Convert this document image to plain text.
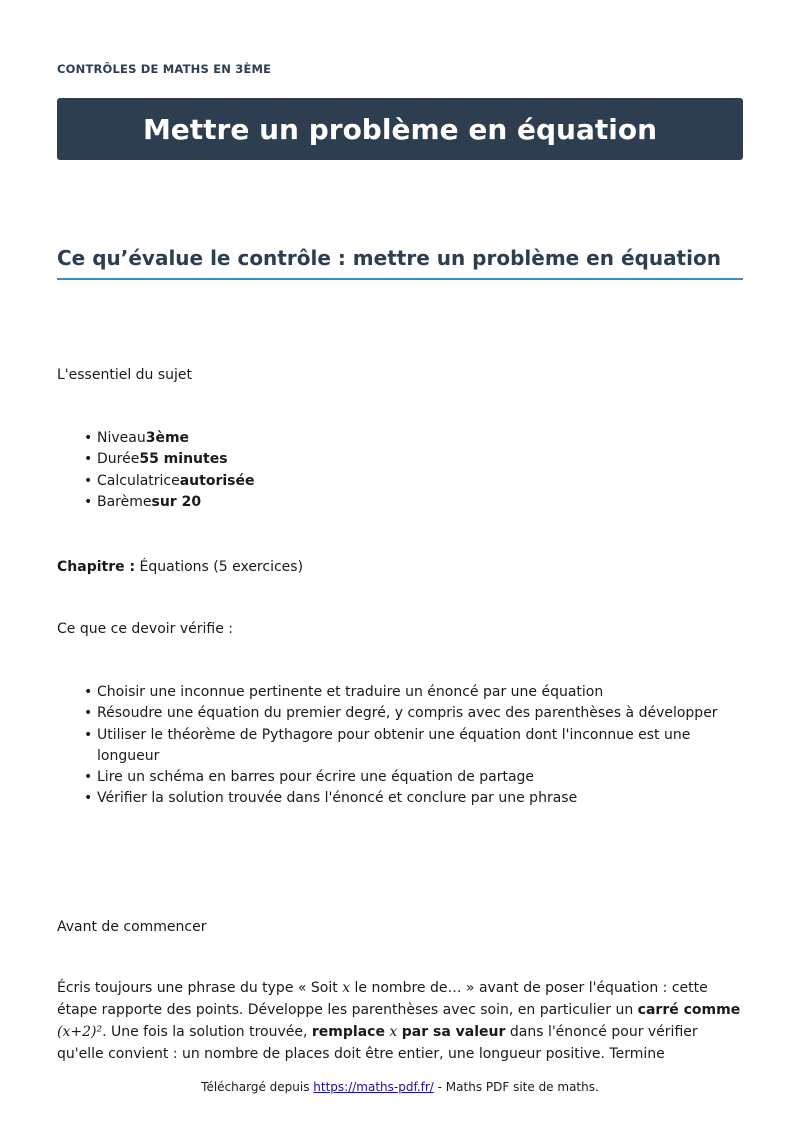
CONTRÔLES DE MATHS EN 3ÈME
Mettre un problème en équation
Ce qu’évalue le contrôle : mettre un problème en équation
L'essentiel du sujet
• Niveau3ème
• Durée55 minutes
• Calculatriceautorisée
• Barèmesur 20
Chapitre : Équations (5 exercices)
Ce que ce devoir vérifie :
• Choisir une inconnue pertinente et traduire un énoncé par une équation
• Résoudre une équation du premier degré, y compris avec des parenthèses à développer
• Utiliser le théorème de Pythagore pour obtenir une équation dont l'inconnue est une longueur
• Lire un schéma en barres pour écrire une équation de partage
• Vérifier la solution trouvée dans l'énoncé et conclure par une phrase
Avant de commencer
Écris toujours une phrase du type « Soit x le nombre de… » avant de poser l'équation : cette étape rapporte des points. Développe les parenthèses avec soin, en particulier un carré comme (x+2)². Une fois la solution trouvée, remplace x par sa valeur dans l'énoncé pour vérifier qu'elle convient : un nombre de places doit être entier, une longueur positive. Termine
Téléchargé depuis https://maths-pdf.fr/ - Maths PDF site de maths.
